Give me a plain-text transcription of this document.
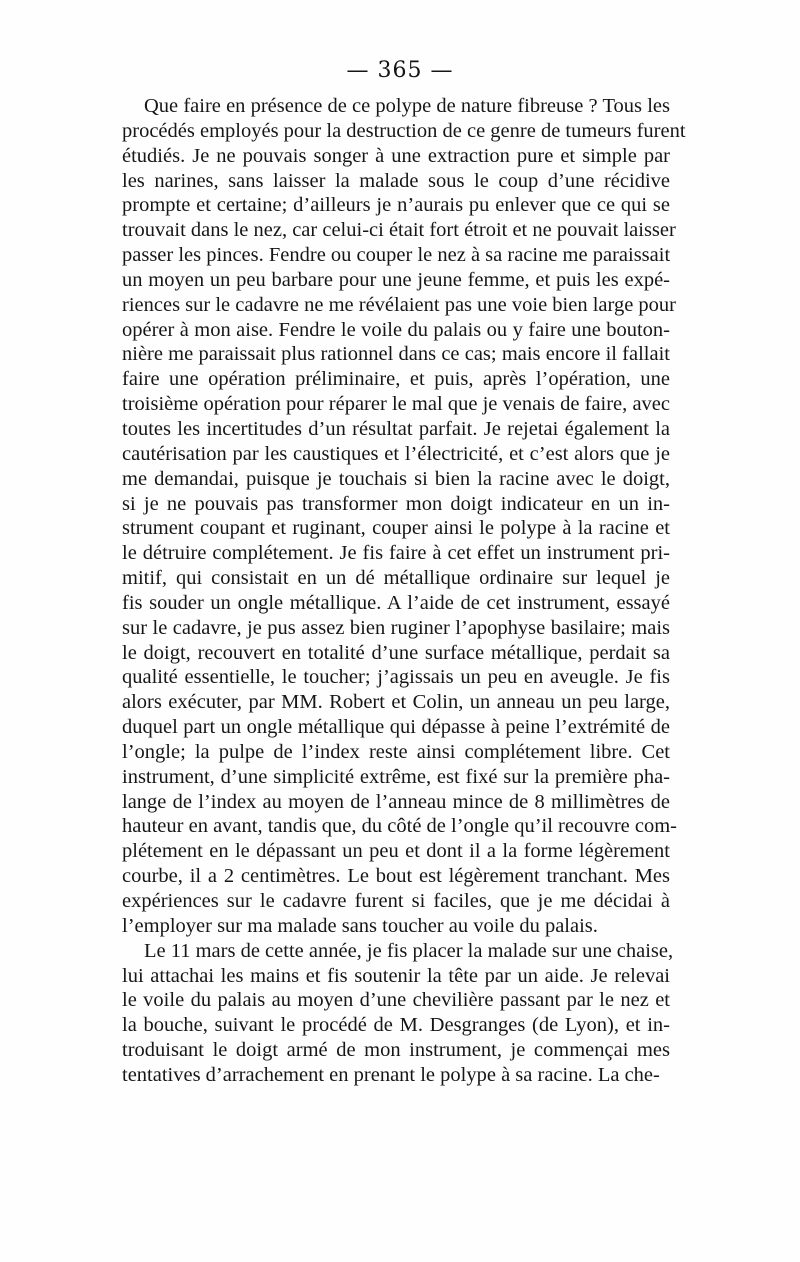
— 365 —
Que faire en présence de ce polype de nature fibreuse ? Tous les
procédés employés pour la destruction de ce genre de tumeurs furent
étudiés. Je ne pouvais songer à une extraction pure et simple par
les narines, sans laisser la malade sous le coup d’une récidive
prompte et certaine; d’ailleurs je n’aurais pu enlever que ce qui se
trouvait dans le nez, car celui-ci était fort étroit et ne pouvait laisser
passer les pinces. Fendre ou couper le nez à sa racine me paraissait
un moyen un peu barbare pour une jeune femme, et puis les expé-
riences sur le cadavre ne me révélaient pas une voie bien large pour
opérer à mon aise. Fendre le voile du palais ou y faire une bouton-
nière me paraissait plus rationnel dans ce cas; mais encore il fallait
faire une opération préliminaire, et puis, après l’opération, une
troisième opération pour réparer le mal que je venais de faire, avec
toutes les incertitudes d’un résultat parfait. Je rejetai également la
cautérisation par les caustiques et l’électricité, et c’est alors que je
me demandai, puisque je touchais si bien la racine avec le doigt,
si je ne pouvais pas transformer mon doigt indicateur en un in-
strument coupant et ruginant, couper ainsi le polype à la racine et
le détruire complétement. Je fis faire à cet effet un instrument pri-
mitif, qui consistait en un dé métallique ordinaire sur lequel je
fis souder un ongle métallique. A l’aide de cet instrument, essayé
sur le cadavre, je pus assez bien ruginer l’apophyse basilaire; mais
le doigt, recouvert en totalité d’une surface métallique, perdait sa
qualité essentielle, le toucher; j’agissais un peu en aveugle. Je fis
alors exécuter, par MM. Robert et Colin, un anneau un peu large,
duquel part un ongle métallique qui dépasse à peine l’extrémité de
l’ongle; la pulpe de l’index reste ainsi complétement libre. Cet
instrument, d’une simplicité extrême, est fixé sur la première pha-
lange de l’index au moyen de l’anneau mince de 8 millimètres de
hauteur en avant, tandis que, du côté de l’ongle qu’il recouvre com-
plétement en le dépassant un peu et dont il a la forme légèrement
courbe, il a 2 centimètres. Le bout est légèrement tranchant. Mes
expériences sur le cadavre furent si faciles, que je me décidai à
l’employer sur ma malade sans toucher au voile du palais.
Le 11 mars de cette année, je fis placer la malade sur une chaise,
lui attachai les mains et fis soutenir la tête par un aide. Je relevai
le voile du palais au moyen d’une chevilière passant par le nez et
la bouche, suivant le procédé de M. Desgranges (de Lyon), et in-
troduisant le doigt armé de mon instrument, je commençai mes
tentatives d’arrachement en prenant le polype à sa racine. La che-
